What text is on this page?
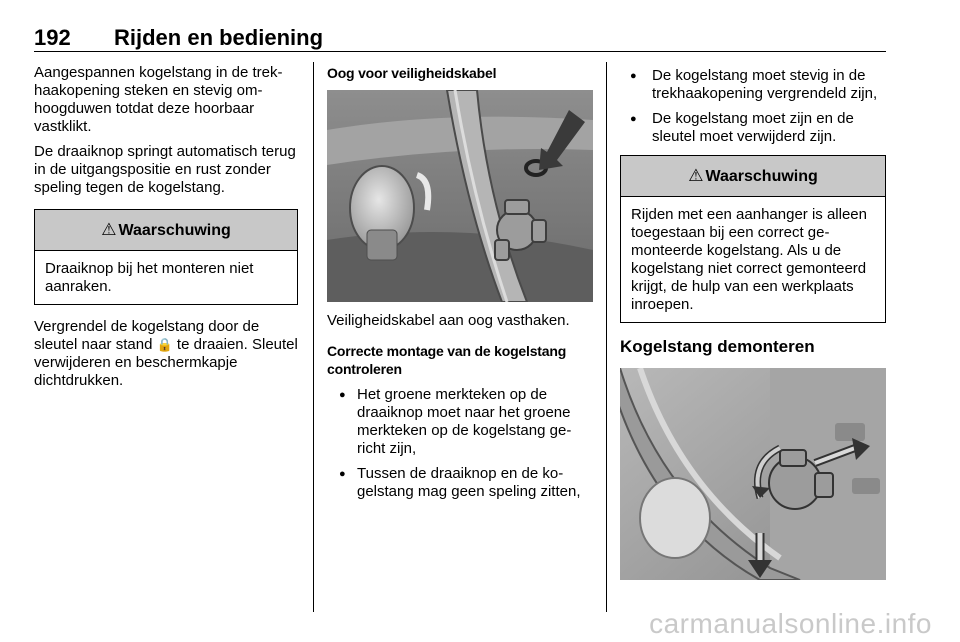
192 Rijden en bediening

Aangespannen kogelstang in de trekhaakopening steken en stevig omhoogduwen totdat deze hoorbaar vastklikt.

De draaiknop springt automatisch terug in de uitgangspositie en rust zonder speling tegen de kogelstang.

⚠ Waarschuwing
Draaiknop bij het monteren niet aanraken.

Vergrendel de kogelstang door de sleutel naar stand 🔒 te draaien. Sleutel verwijderen en beschermkapje dichtdrukken.

Oog voor veiligheidskabel

Veiligheidskabel aan oog vasthaken.

Correcte montage van de kogelstang controleren
● Het groene merkteken op de draaiknop moet naar het groene merkteken op de kogelstang gericht zijn,
● Tussen de draaiknop en de kogelstang mag geen speling zitten,
● De kogelstang moet stevig in de trekhaakopening vergrendeld zijn,
● De kogelstang moet zijn en de sleutel moet verwijderd zijn.
⚠ Waarschuwing
Rijden met een aanhanger is alleen toegestaan bij een correct gemonteerde kogelstang. Als u de kogelstang niet correct gemonteerd krijgt, de hulp van een werkplaats inroepen.
Kogelstang demonteren
carmanualsonline.info
